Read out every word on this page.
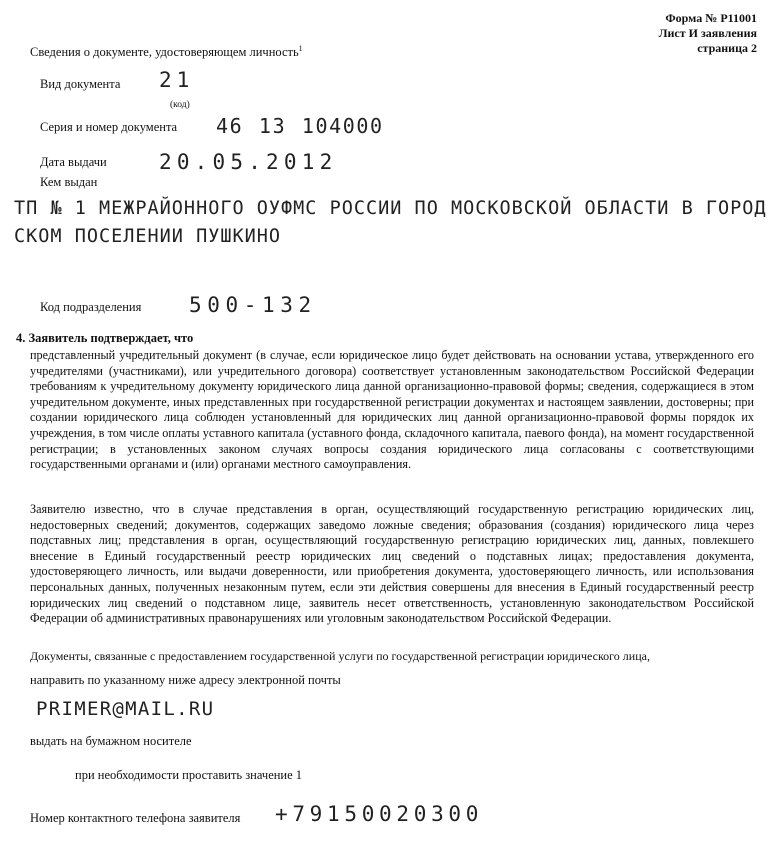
Форма № Р11001
Лист И заявления
страница 2
Сведения о документе, удостоверяющем личность$^1$
Вид документа 21
(код)
Серия и номер документа 46 13 104000
Дата выдачи 20.05.2012
Кем выдан
ТП № 1 МЕЖРАЙОННОГО ОУФМС РОССИИ ПО МОСКОВСКОЙ ОБЛАСТИ В ГОРОДСКОМ ПОСЕЛЕНИИ ПУШКИНО
Код подразделения 500-132
4. Заявитель подтверждает, что
представленный учредительный документ (в случае, если юридическое лицо будет действовать на основании устава, утвержденного его учредителями (участниками), или учредительного договора) соответствует установленным законодательством Российской Федерации требованиям к учредительному документу юридического лица данной организационно-правовой формы; сведения, содержащиеся в этом учредительном документе, иных представленных при государственной регистрации документах и настоящем заявлении, достоверны; при создании юридического лица соблюден установленный для юридических лиц данной организационно-правовой формы порядок их учреждения, в том числе оплаты уставного капитала (уставного фонда, складочного капитала, паевого фонда), на момент государственной регистрации; в установленных законом случаях вопросы создания юридического лица согласованы с соответствующими государственными органами и (или) органами местного самоуправления.
Заявителю известно, что в случае представления в орган, осуществляющий государственную регистрацию юридических лиц, недостоверных сведений; документов, содержащих заведомо ложные сведения; образования (создания) юридического лица через подставных лиц; представления в орган, осуществляющий государственную регистрацию юридических лиц, данных, повлекшего внесение в Единый государственный реестр юридических лиц сведений о подставных лицах; предоставления документа, удостоверяющего личность, или выдачи доверенности, или приобретения документа, удостоверяющего личность, или использования персональных данных, полученных незаконным путем, если эти действия совершены для внесения в Единый государственный реестр юридических лиц сведений о подставном лице, заявитель несет ответственность, установленную законодательством Российской Федерации об административных правонарушениях или уголовным законодательством Российской Федерации.
Документы, связанные с предоставлением государственной услуги по государственной регистрации юридического лица,
направить по указанному ниже адресу электронной почты
PRIMER@MAIL.RU
выдать на бумажном носителе
при необходимости проставить значение 1
Номер контактного телефона заявителя +79150020300
